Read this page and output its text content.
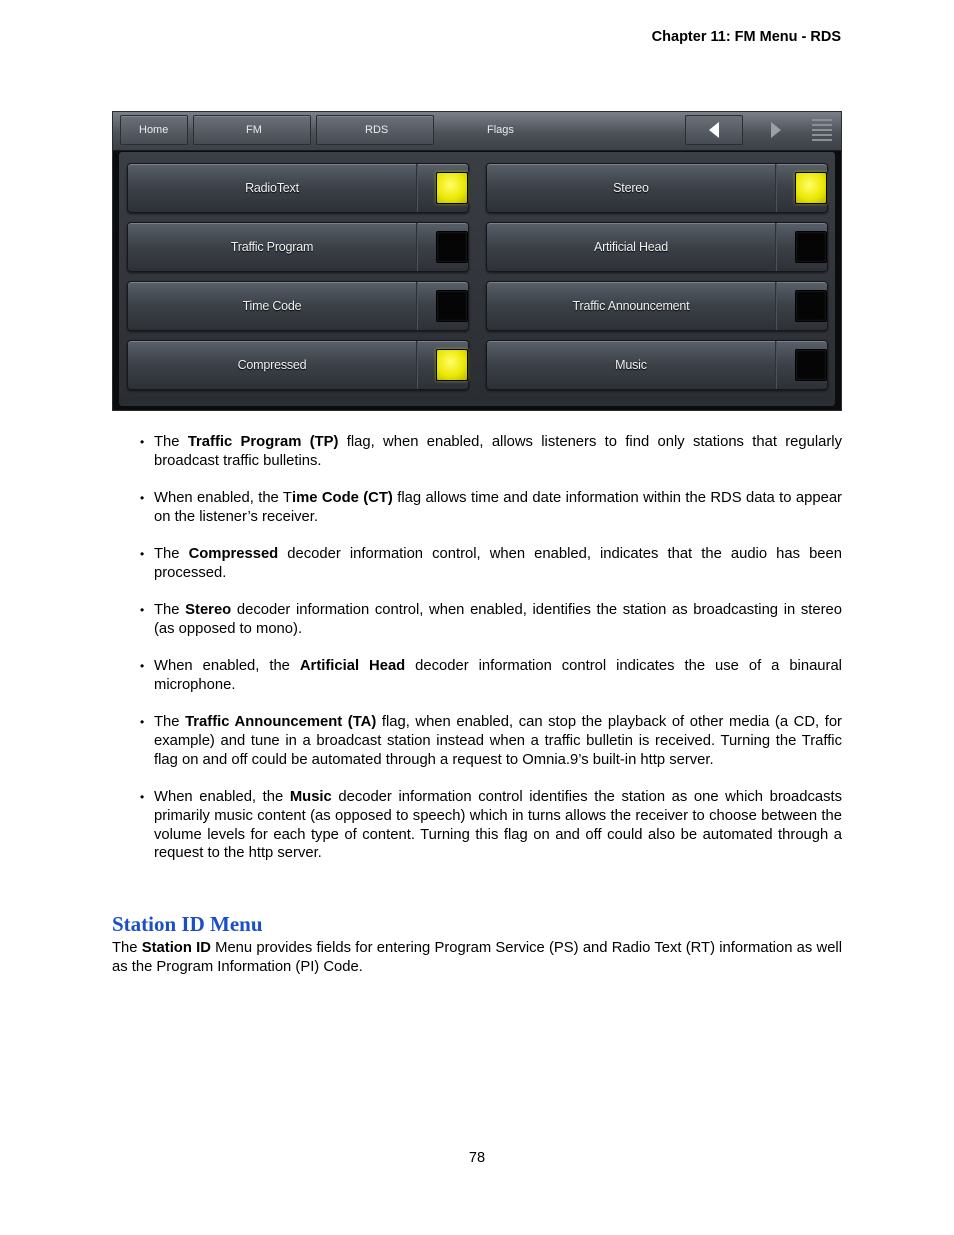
Chapter 11: FM Menu - RDS
Home	FM	RDS	Flags
RadioText	Stereo
Traffic Program	Artificial Head
Time Code	Traffic Announcement
Compressed	Music
• The Traffic Program (TP) flag, when enabled, allows listeners to find only stations that regularly broadcast traffic bulletins.
• When enabled, the Time Code (CT) flag allows time and date information within the RDS data to appear on the listener’s receiver.
• The Compressed decoder information control, when enabled, indicates that the audio has been processed.
• The Stereo decoder information control, when enabled, identifies the station as broadcasting in stereo (as opposed to mono).
• When enabled, the Artificial Head decoder information control indicates the use of a binaural microphone.
• The Traffic Announcement (TA) flag, when enabled, can stop the playback of other media (a CD, for example) and tune in a broadcast station instead when a traffic bulletin is received. Turning the Traffic flag on and off could be automated through a request to Omnia.9’s built-in http server.
• When enabled, the Music decoder information control identifies the station as one which broadcasts primarily music content (as opposed to speech) which in turns allows the receiver to choose between the volume levels for each type of content. Turning this flag on and off could also be automated through a request to the http server.
Station ID Menu
The Station ID Menu provides fields for entering Program Service (PS) and Radio Text (RT) information as well as the Program Information (PI) Code.
78
